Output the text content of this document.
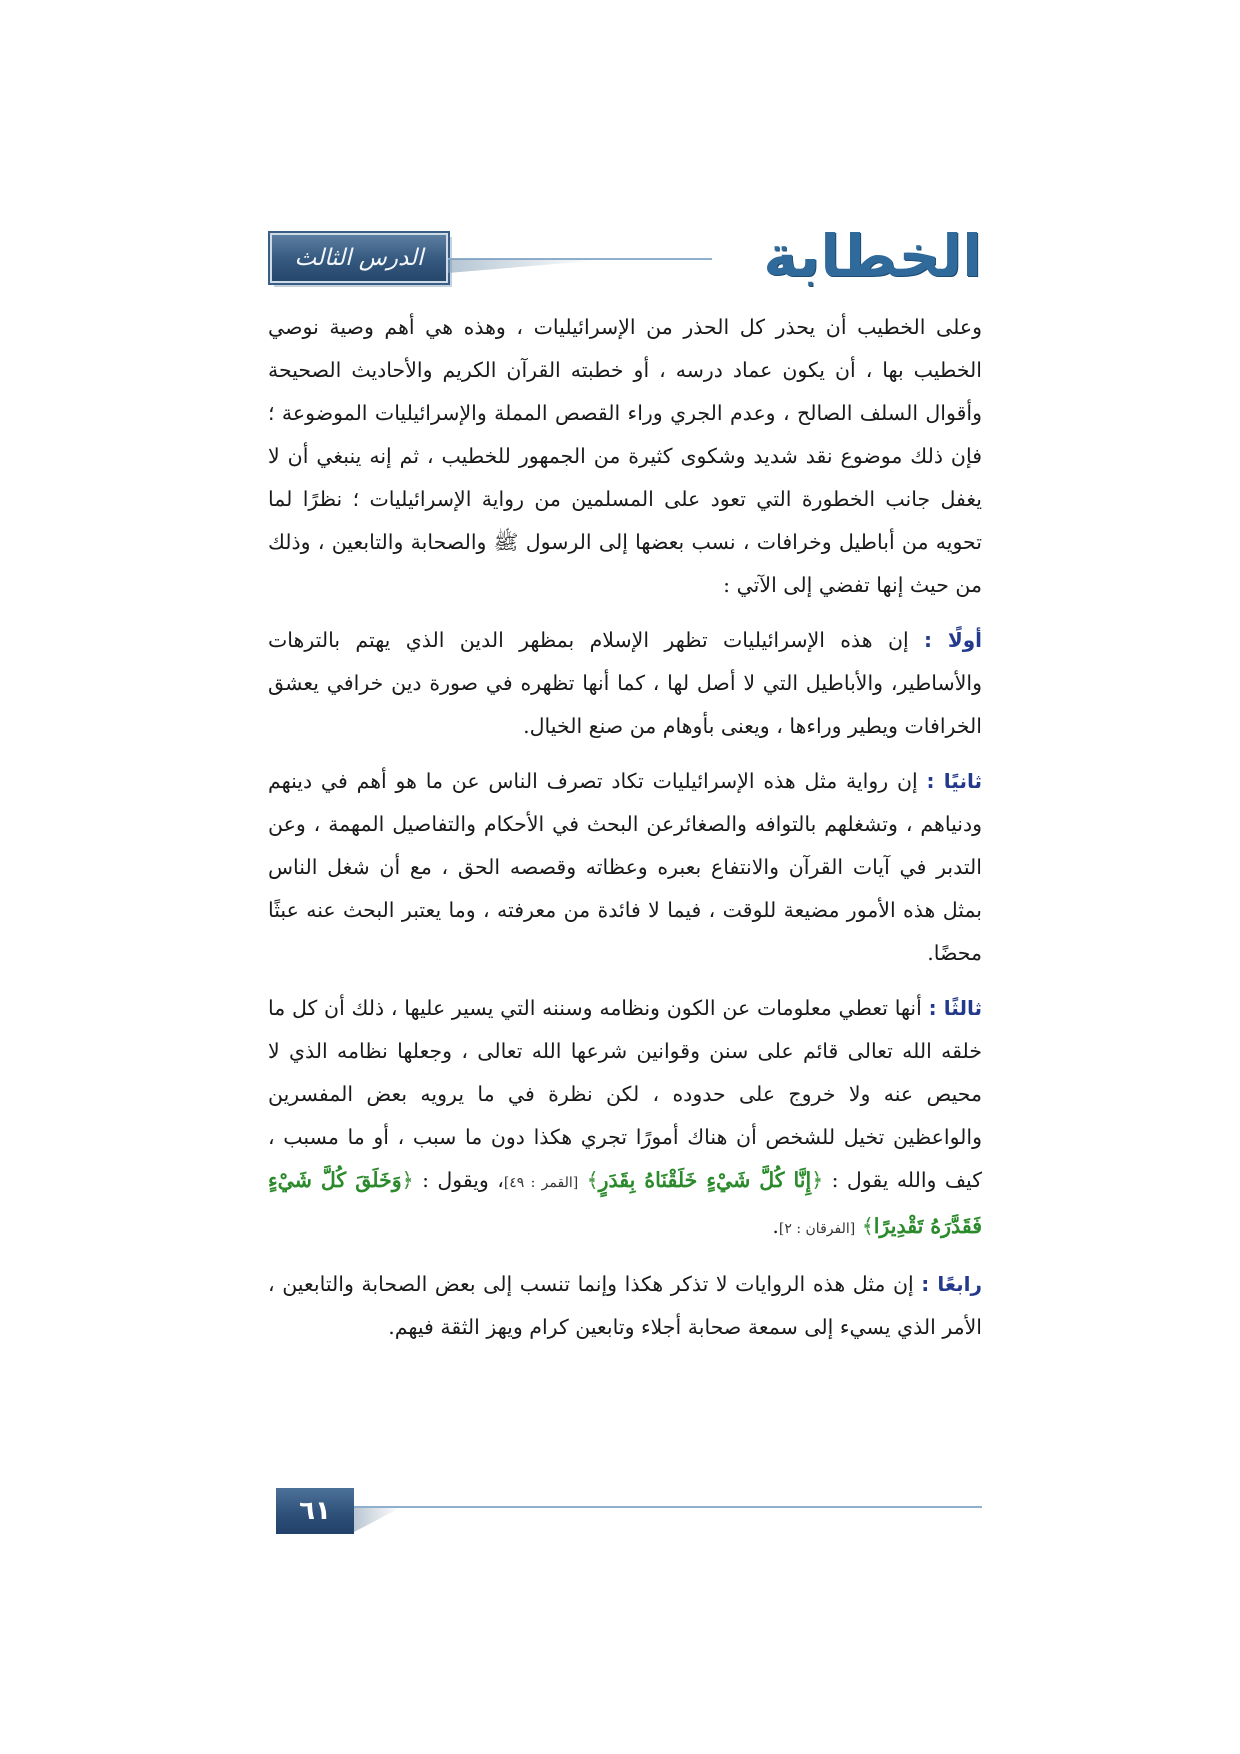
الدرس الثالث	الخطابة

وعلى الخطيب أن يحذر كل الحذر من الإسرائيليات ، وهذه هي أهم وصية نوصي الخطيب بها ، أن يكون عماد درسه ، أو خطبته القرآن الكريم والأحاديث الصحيحة وأقوال السلف الصالح ، وعدم الجري وراء القصص المملة والإسرائيليات الموضوعة ؛ فإن ذلك موضوع نقد شديد وشكوى كثيرة من الجمهور للخطيب ، ثم إنه ينبغي أن لا يغفل جانب الخطورة التي تعود على المسلمين من رواية الإسرائيليات ؛ نظرًا لما تحويه من أباطيل وخرافات ، نسب بعضها إلى الرسول ﷺ والصحابة والتابعين ، وذلك من حيث إنها تفضي إلى الآتي :

أولًا : إن هذه الإسرائيليات تظهر الإسلام بمظهر الدين الذي يهتم بالترهات والأساطير، والأباطيل التي لا أصل لها ، كما أنها تظهره في صورة دين خرافي يعشق الخرافات ويطير وراءها ، ويعنى بأوهام من صنع الخيال.

ثانيًا : إن رواية مثل هذه الإسرائيليات تكاد تصرف الناس عن ما هو أهم في دينهم ودنياهم ، وتشغلهم بالتوافه والصغائرعن البحث في الأحكام والتفاصيل المهمة ، وعن التدبر في آيات القرآن والانتفاع بعبره وعظاته وقصصه الحق ، مع أن شغل الناس بمثل هذه الأمور مضيعة للوقت ، فيما لا فائدة من معرفته ، وما يعتبر البحث عنه عبثًا محضًا.

ثالثًا : أنها تعطي معلومات عن الكون ونظامه وسننه التي يسير عليها ، ذلك أن كل ما خلقه الله تعالى قائم على سنن وقوانين شرعها الله تعالى ، وجعلها نظامه الذي لا محيص عنه ولا خروج على حدوده ، لكن نظرة في ما يرويه بعض المفسرين والواعظين تخيل للشخص أن هناك أمورًا تجري هكذا دون ما سبب ، أو ما مسبب ، كيف والله يقول : ﴿إِنَّا كُلَّ شَيْءٍ خَلَقْنَاهُ بِقَدَرٍ﴾ [القمر : ٤٩]، ويقول : ﴿وَخَلَقَ كُلَّ شَيْءٍ فَقَدَّرَهُ تَقْدِيرًا﴾ [الفرقان : ٢].

رابعًا : إن مثل هذه الروايات لا تذكر هكذا وإنما تنسب إلى بعض الصحابة والتابعين ، الأمر الذي يسيء إلى سمعة صحابة أجلاء وتابعين كرام ويهز الثقة فيهم.

٦١
